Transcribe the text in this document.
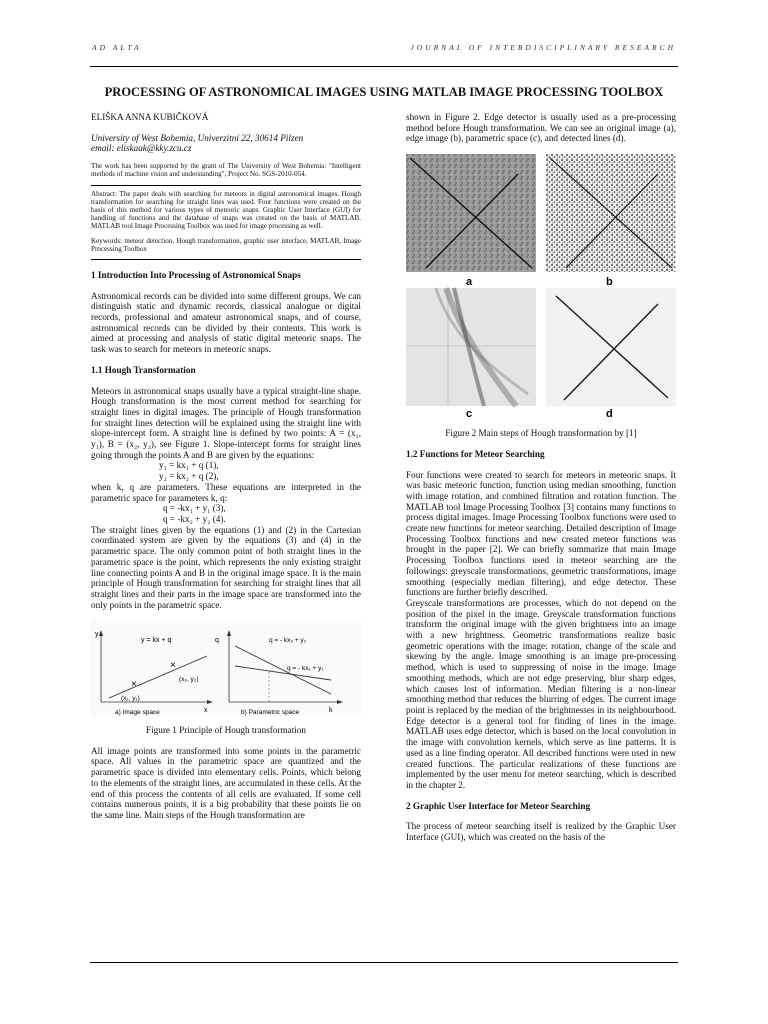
AD ALTA	JOURNAL OF INTERDISCIPLINARY RESEARCH
PROCESSING OF ASTRONOMICAL IMAGES USING MATLAB IMAGE PROCESSING TOOLBOX

ELIŠKA ANNA KUBIČKOVÁ

University of West Bohemia, Univerzitní 22, 30614 Pilzen

email: eliskaak@kky.zcu.cz

The work has been supported by the grant of The University of West Bohemia: "Intelligent methods of machine vision and understanding", Project No. SGS-2010-054.

Abstract: The paper deals with searching for meteors in digital astronomical images. Hough transformation for searching for straight lines was used. Four functions were created on the basis of this method for various types of meteoric snaps. Graphic User Interface (GUI) for handling of functions and the database of snaps was created on the basis of MATLAB. MATLAB tool Image Processing Toolbox was used for image processing as well.

Keywords: meteor detection, Hough transformation, graphic user interface, MATLAB, Image Processing Toolbox

1 Introduction Into Processing of Astronomical Snaps

Astronomical records can be divided into some different groups. We can distinguish static and dynamic records, classical analogue or digital records, professional and amateur astronomical snaps, and of course, astronomical records can be divided by their contents. This work is aimed at processing and analysis of static digital meteoric snaps. The task was to search for meteors in meteoric snaps.

1.1 Hough Transformation

Meteors in astronomical snaps usually have a typical straight-line shape. Hough transformation is the most current method for searching for straight lines in digital images. The principle of Hough transformation for straight lines detection will be explained using the straight line with slope-intercept form. A straight line is defined by two points: A = (x₁, y₁), B = (x₂, y₂), see Figure 1. Slope-intercept forms for straight lines going through the points A and B are given by the equations:

y₁ = kx₁ + q (1),

y₂ = kx₂ + q (2),

when k, q are parameters. These equations are interpreted in the parametric space for parameters k, q:

q = -kx₁ + y₁ (3),

q = -kx₂ + y₂ (4).

The straight lines given by the equations (1) and (2) in the Cartesian coordinated system are given by the equations (3) and (4) in the parametric space. The only common point of both straight lines in the parametric space is the point, which represents the only existing straight line connecting points A and B in the original image space. It is the main principle of Hough transformation for searching for straight lines that all straight lines and their parts in the image space are transformed into the only points in the parametric space.

y
x
y = kx + q
×
×	(x₂, y₂)
(x₁, y₁)
a) Image space
q
k
q = - kx₂ + y₂
q = - kx₁ + y₁
b) Parametric space

Figure 1 Principle of Hough transformation

All image points are transformed into some points in the parametric space. All values in the parametric space are quantized and the parametric space is divided into elementary cells. Points, which belong to the elements of the straight lines, are accumulated in these cells. At the end of this process the contents of all cells are evaluated. If some cell contains numerous points, it is a big probability that these points lie on the same line. Main steps of the Hough transformation are

shown in Figure 2. Edge detector is usually used as a pre-processing method before Hough transformation. We can see an original image (a), edge image (b), parametric space (c), and detected lines (d).

a	b
c	d

Figure 2 Main steps of Hough transformation by [1]

1.2 Functions for Meteor Searching

Four functions were created to search for meteors in meteoric snaps. It was basic meteoric function, function using median smoothing, function with image rotation, and combined filtration and rotation function. The MATLAB tool Image Processing Toolbox [3] contains many functions to process digital images. Image Processing Toolbox functions were used to create new functions for meteor searching. Detailed description of Image Processing Toolbox functions and new created meteor functions was brought in the paper [2]. We can briefly summarize that main Image Processing Toolbox functions used in meteor searching are the followings: greyscale transformations, geometric transformations, image smoothing (especially median filtering), and edge detector. These functions are further briefly described.

Greyscale transformations are processes, which do not depend on the position of the pixel in the image. Greyscale transformation functions transform the original image with the given brightness into an image with a new brightness. Geometric transformations realize basic geometric operations with the image: rotation, change of the scale and skewing by the angle. Image smoothing is an image pre-processing method, which is used to suppressing of noise in the image. Image smoothing methods, which are not edge preserving, blur sharp edges, which causes lost of information. Median filtering is a non-linear smoothing method that reduces the blurring of edges. The current image point is replaced by the median of the brightnesses in its neighbourhood. Edge detector is a general tool for finding of lines in the image. MATLAB uses edge detector, which is based on the local convolution in the image with convolution kernels, which serve as line patterns. It is used as a line finding operator. All described functions were used in new created functions. The particular realizations of these functions are implemented by the user menu for meteor searching, which is described in the chapter 2.

2 Graphic User Interface for Meteor Searching

The process of meteor searching itself is realized by the Graphic User Interface (GUI), which was created on the basis of the
